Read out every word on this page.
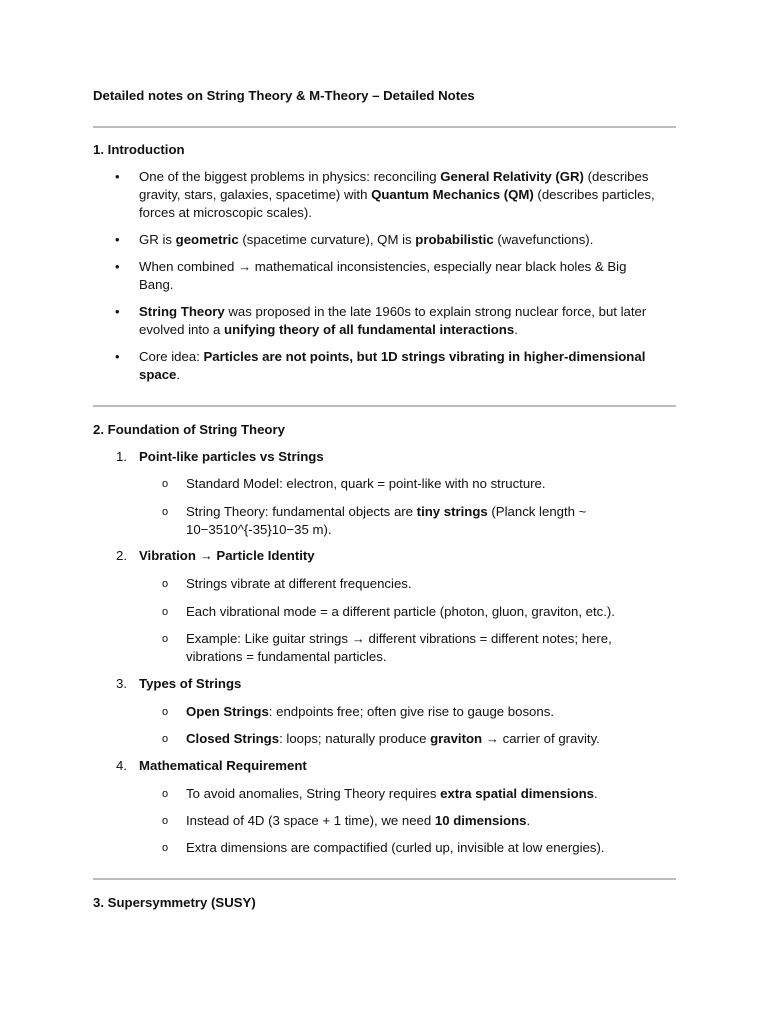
Detailed notes on String Theory & M-Theory – Detailed Notes
1. Introduction
• One of the biggest problems in physics: reconciling General Relativity (GR) (describes gravity, stars, galaxies, spacetime) with Quantum Mechanics (QM) (describes particles, forces at microscopic scales).
• GR is geometric (spacetime curvature), QM is probabilistic (wavefunctions).
• When combined → mathematical inconsistencies, especially near black holes & Big Bang.
• String Theory was proposed in the late 1960s to explain strong nuclear force, but later evolved into a unifying theory of all fundamental interactions.
• Core idea: Particles are not points, but 1D strings vibrating in higher-dimensional space.
2. Foundation of String Theory
1. Point-like particles vs Strings
o Standard Model: electron, quark = point-like with no structure.
o String Theory: fundamental objects are tiny strings (Planck length ~ 10−3510^{-35}10−35 m).
2. Vibration → Particle Identity
o Strings vibrate at different frequencies.
o Each vibrational mode = a different particle (photon, gluon, graviton, etc.).
o Example: Like guitar strings → different vibrations = different notes; here, vibrations = fundamental particles.
3. Types of Strings
o Open Strings: endpoints free; often give rise to gauge bosons.
o Closed Strings: loops; naturally produce graviton → carrier of gravity.
4. Mathematical Requirement
o To avoid anomalies, String Theory requires extra spatial dimensions.
o Instead of 4D (3 space + 1 time), we need 10 dimensions.
o Extra dimensions are compactified (curled up, invisible at low energies).
3. Supersymmetry (SUSY)
